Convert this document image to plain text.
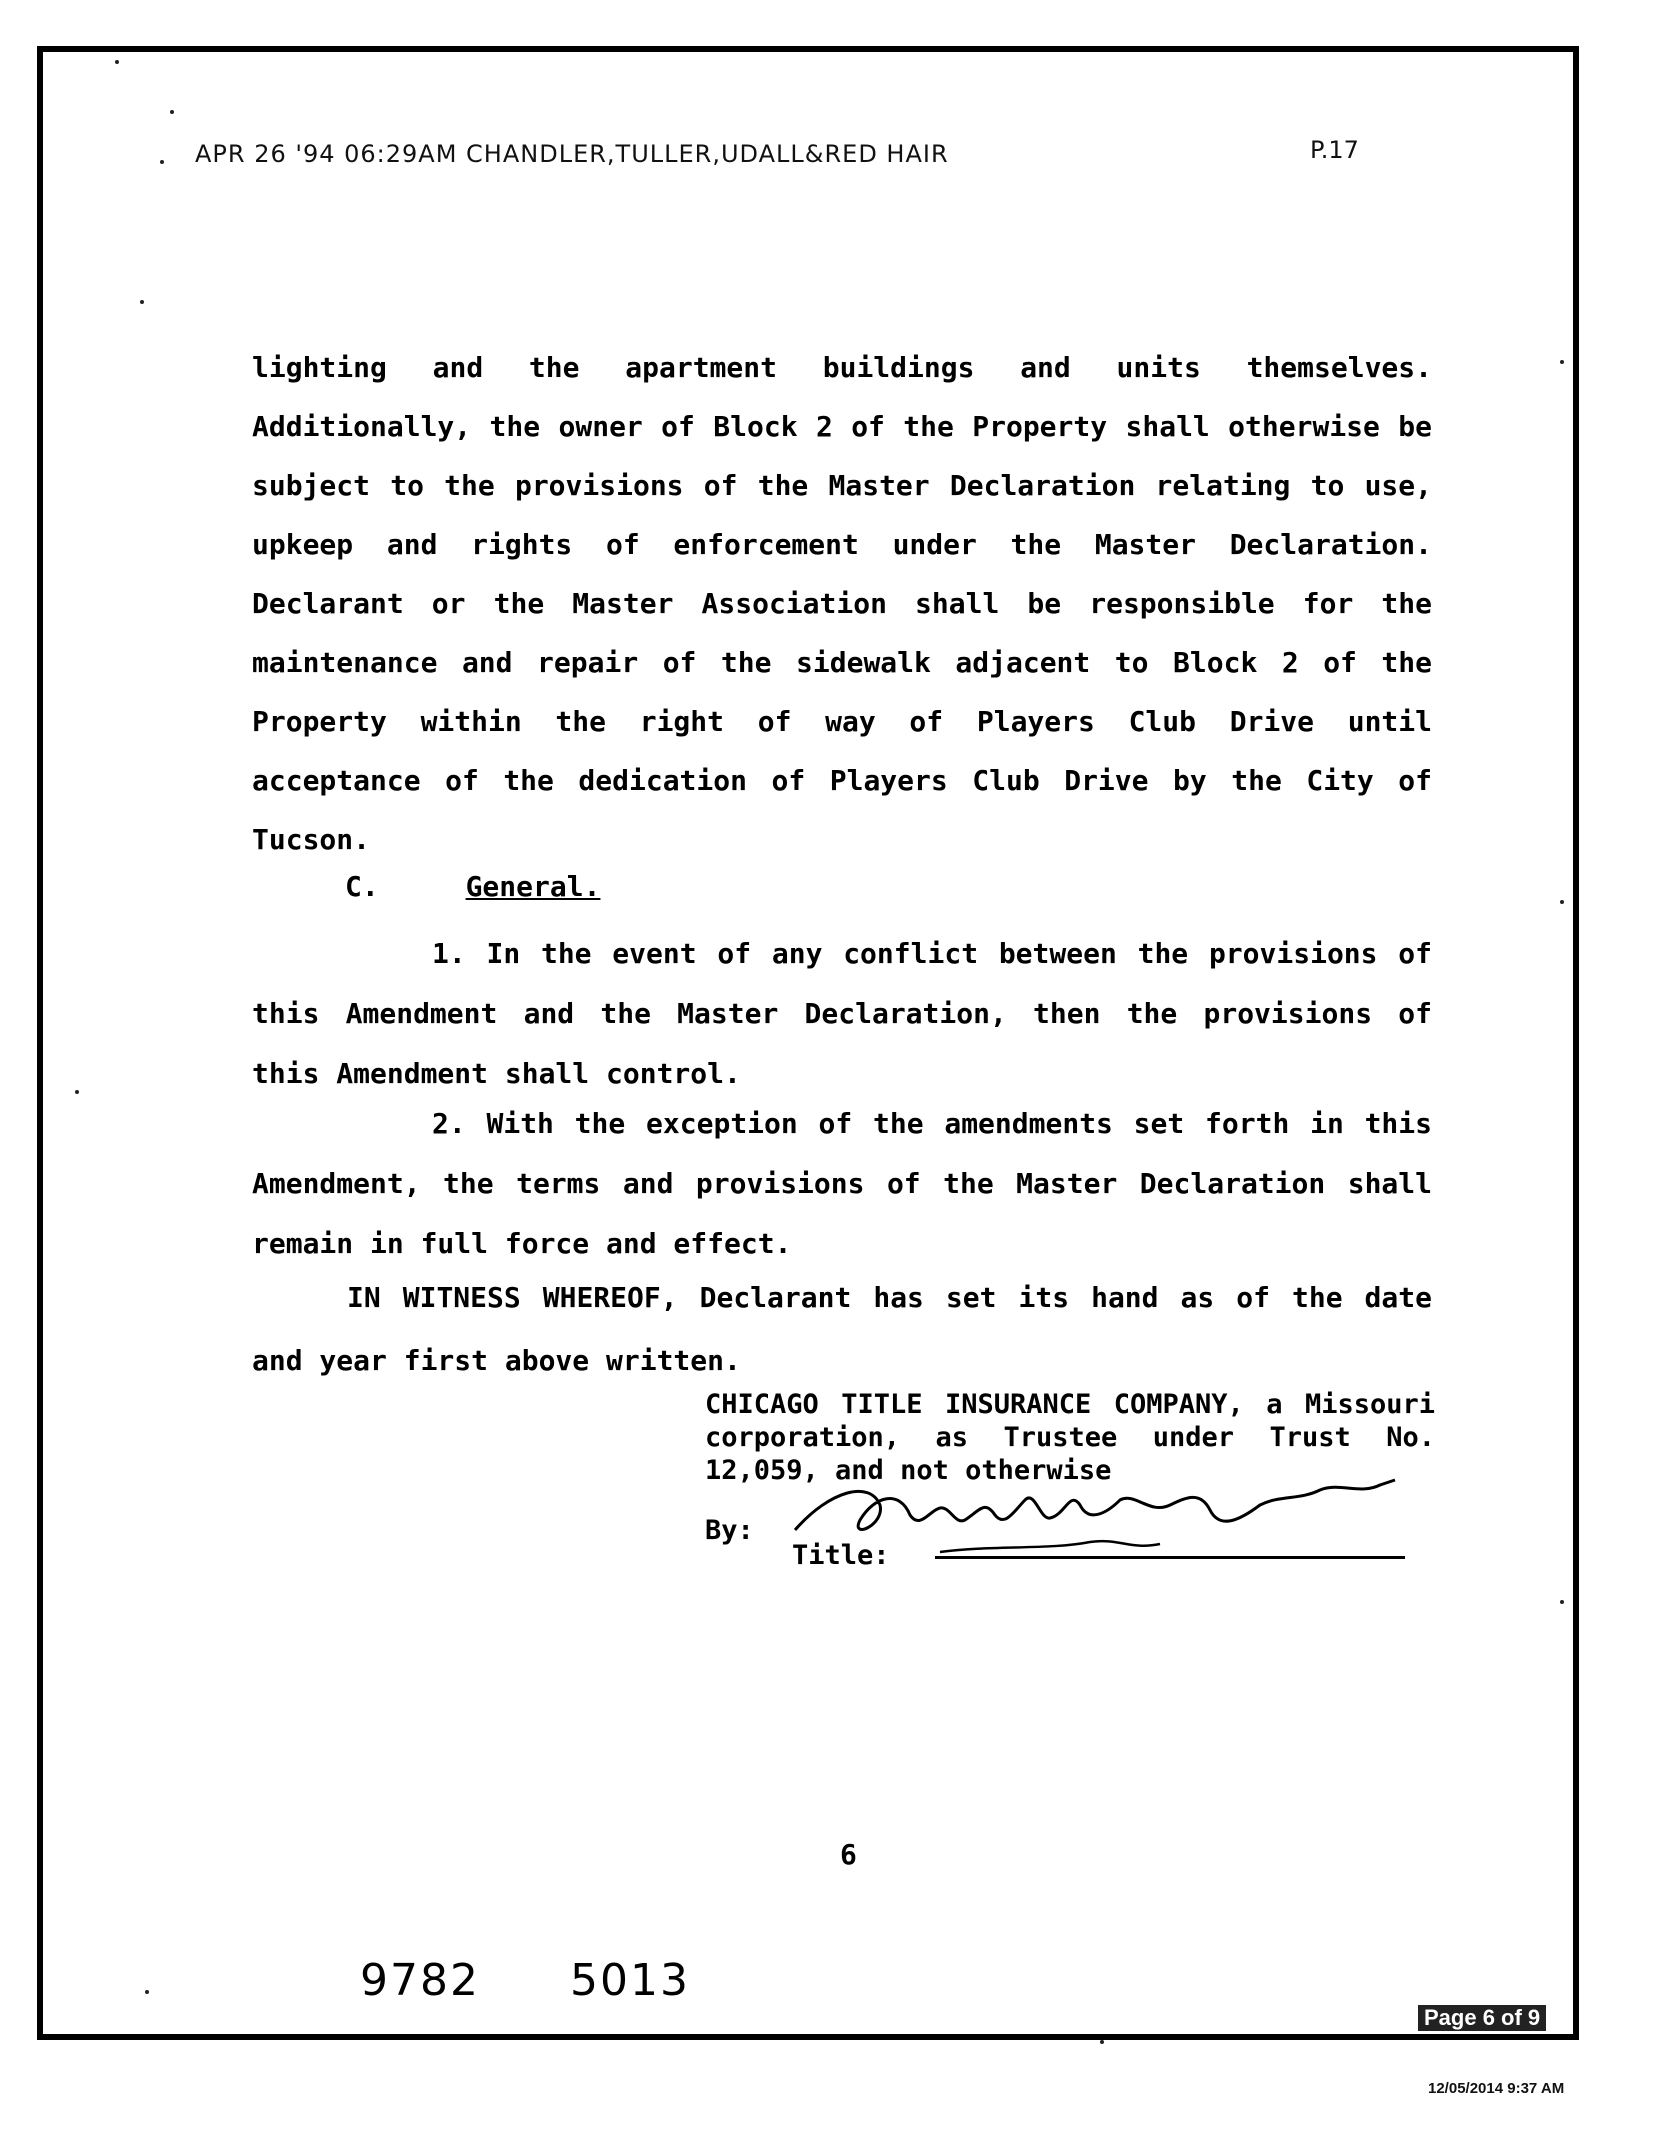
APR 26 '94 06:29AM CHANDLER,TULLER,UDALL&RED HAIR	P.17
lighting and the apartment buildings and units themselves. Additionally, the owner of Block 2 of the Property shall otherwise be subject to the provisions of the Master Declaration relating to use, upkeep and rights of enforcement under the Master Declaration. Declarant or the Master Association shall be responsible for the maintenance and repair of the sidewalk adjacent to Block 2 of the Property within the right of way of Players Club Drive until acceptance of the dedication of Players Club Drive by the City of Tucson.
C.	General.
1. In the event of any conflict between the provisions of this Amendment and the Master Declaration, then the provisions of this Amendment shall control.
2. With the exception of the amendments set forth in this Amendment, the terms and provisions of the Master Declaration shall remain in full force and effect.
IN WITNESS WHEREOF, Declarant has set its hand as of the date and year first above written.
CHICAGO TITLE INSURANCE COMPANY, a Missouri corporation, as Trustee under Trust No. 12,059, and not otherwise
By:
Title:
6
9782 5013
Page 6 of 9
12/05/2014 9:37 AM
